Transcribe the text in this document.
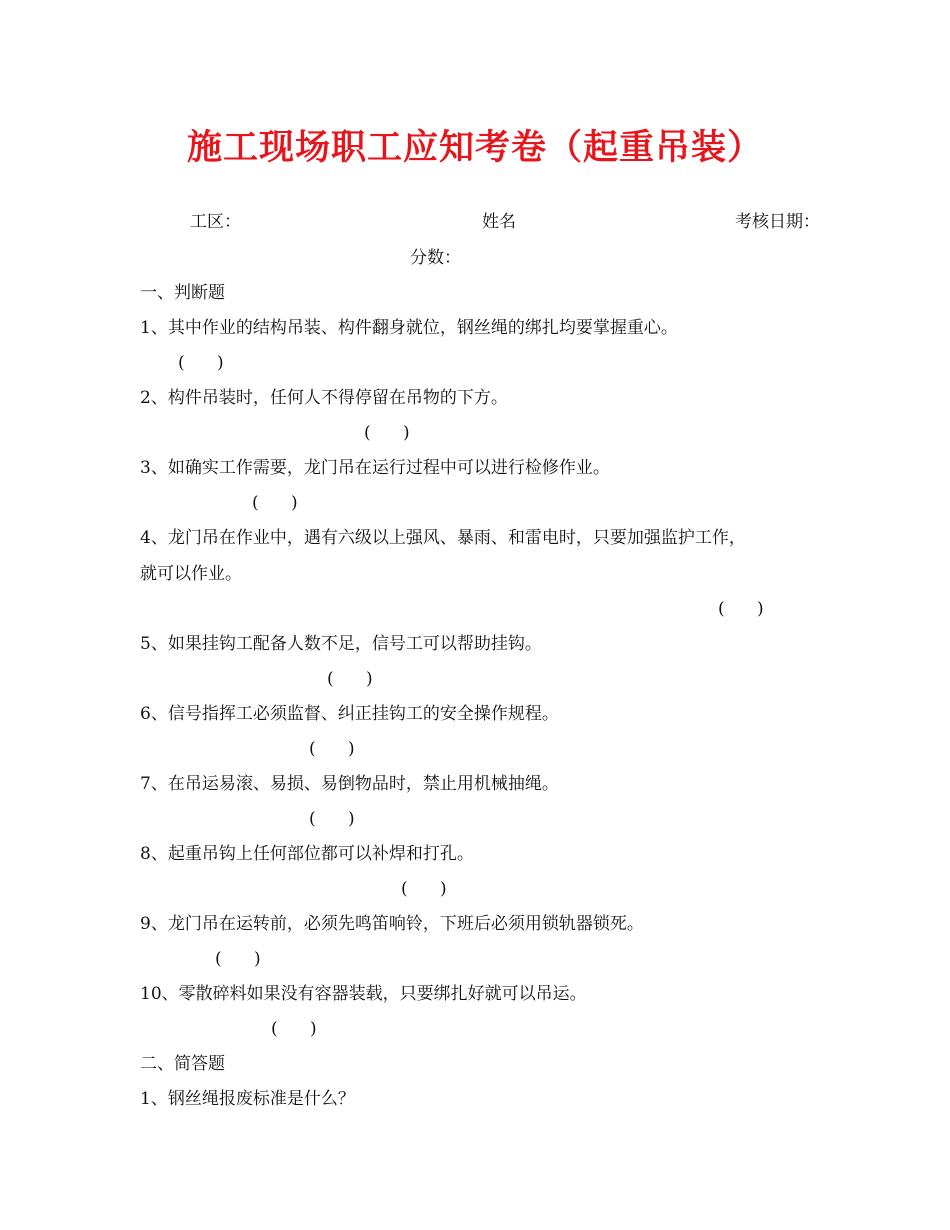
施工现场职工应知考卷（起重吊装）
工区：	姓名	考核日期：
分数：
一、判断题
1、其中作业的结构吊装、构件翻身就位，钢丝绳的绑扎均要掌握重心。
(      )
2、构件吊装时，任何人不得停留在吊物的下方。
(      )
3、如确实工作需要，龙门吊在运行过程中可以进行检修作业。
(      )
4、龙门吊在作业中，遇有六级以上强风、暴雨、和雷电时，只要加强监护工作，
就可以作业。
(      )
5、如果挂钩工配备人数不足，信号工可以帮助挂钩。
(      )
6、信号指挥工必须监督、纠正挂钩工的安全操作规程。
(      )
7、在吊运易滚、易损、易倒物品时，禁止用机械抽绳。
(      )
8、起重吊钩上任何部位都可以补焊和打孔。
(      )
9、龙门吊在运转前，必须先鸣笛响铃，下班后必须用锁轨器锁死。
(      )
10、零散碎料如果没有容器装载，只要绑扎好就可以吊运。
(      )
二、简答题
1、钢丝绳报废标准是什么？
